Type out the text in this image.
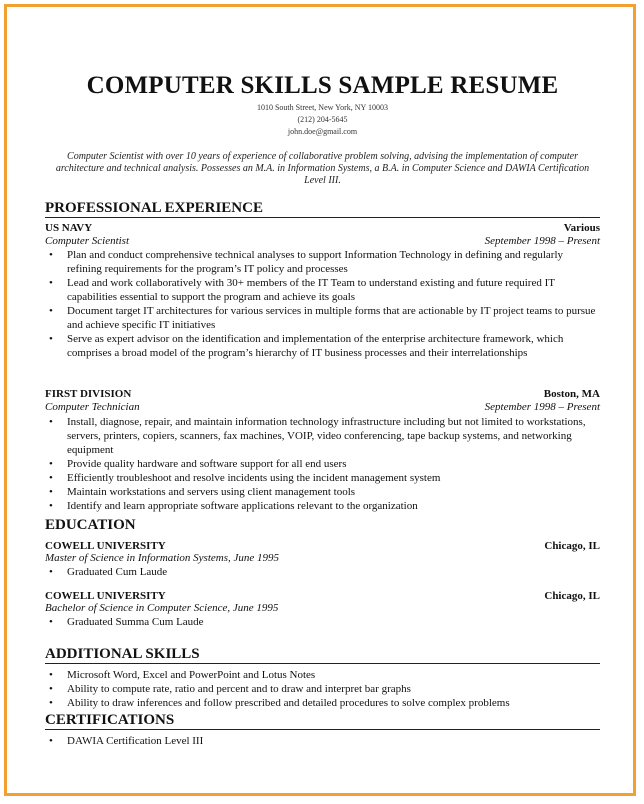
COMPUTER SKILLS SAMPLE RESUME
1010 South Street, New York, NY 10003
(212) 204-5645
john.doe@gmail.com
Computer Scientist with over 10 years of experience of collaborative problem solving, advising the implementation of computer architecture and technical analysis. Possesses an M.A. in Information Systems, a B.A. in Computer Science and DAWIA Certification Level III.
PROFESSIONAL EXPERIENCE
US NAVY	Various
Computer Scientist	September 1998 – Present
• Plan and conduct comprehensive technical analyses to support Information Technology in defining and regularly refining requirements for the program’s IT policy and processes
• Lead and work collaboratively with 30+ members of the IT Team to understand existing and future required IT capabilities essential to support the program and achieve its goals
• Document target IT architectures for various services in multiple forms that are actionable by IT project teams to pursue and achieve specific IT initiatives
• Serve as expert advisor on the identification and implementation of the enterprise architecture framework, which comprises a broad model of the program’s hierarchy of IT business processes and their interrelationships
FIRST DIVISION	Boston, MA
Computer Technician	September 1998 – Present
• Install, diagnose, repair, and maintain information technology infrastructure including but not limited to workstations, servers, printers, copiers, scanners, fax machines, VOIP, video conferencing, tape backup systems, and networking equipment
• Provide quality hardware and software support for all end users
• Efficiently troubleshoot and resolve incidents using the incident management system
• Maintain workstations and servers using client management tools
• Identify and learn appropriate software applications relevant to the organization
EDUCATION
COWELL UNIVERSITY	Chicago, IL
Master of Science in Information Systems, June 1995
• Graduated Cum Laude
COWELL UNIVERSITY	Chicago, IL
Bachelor of Science in Computer Science, June 1995
• Graduated Summa Cum Laude
ADDITIONAL SKILLS
• Microsoft Word, Excel and PowerPoint and Lotus Notes
• Ability to compute rate, ratio and percent and to draw and interpret bar graphs
• Ability to draw inferences and follow prescribed and detailed procedures to solve complex problems
CERTIFICATIONS
• DAWIA Certification Level III
